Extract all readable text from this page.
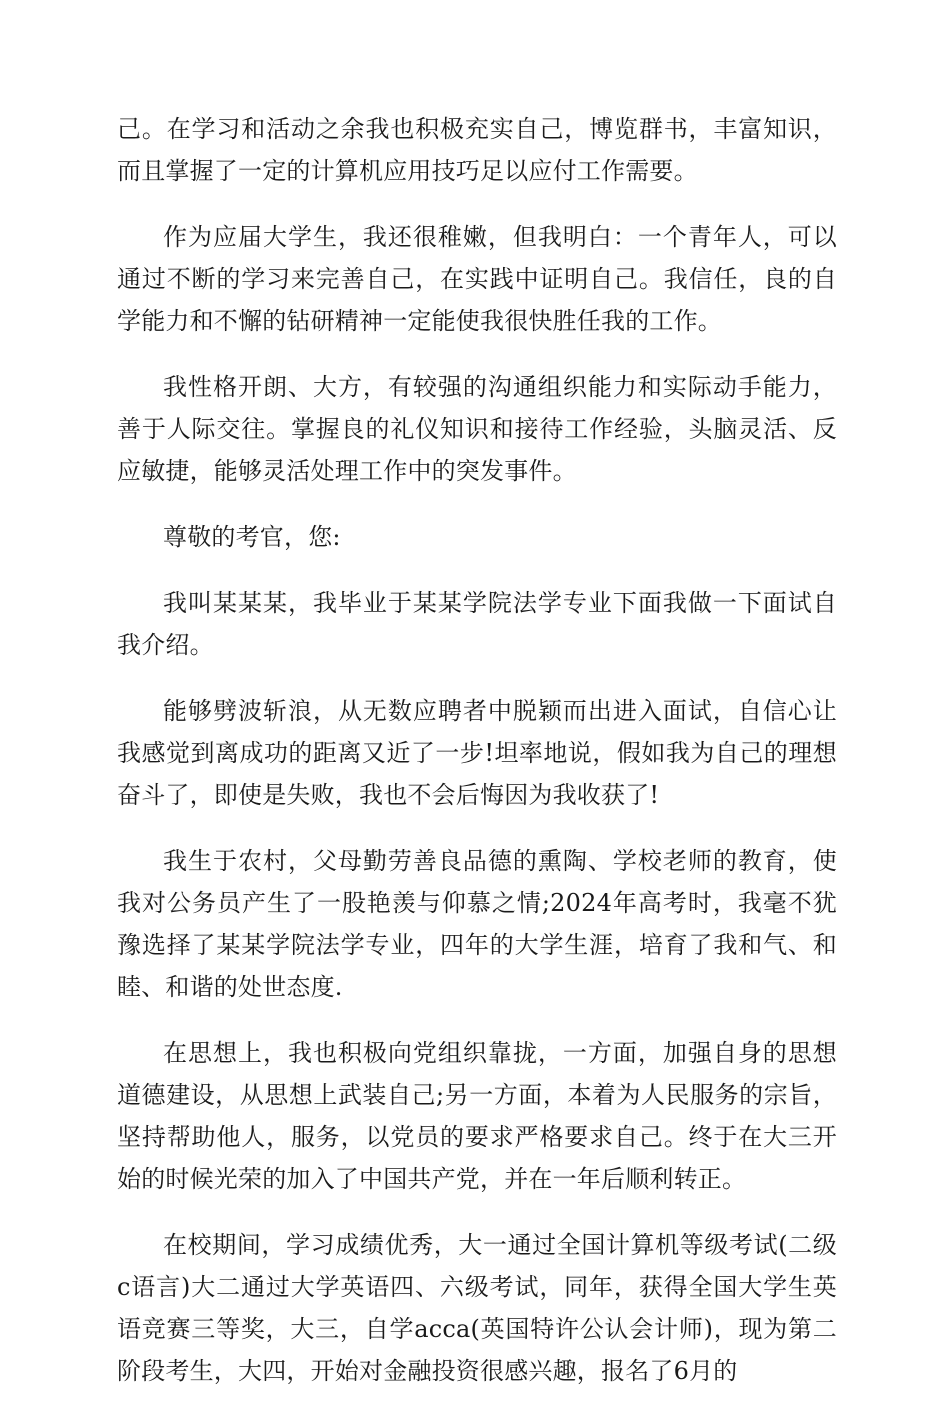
己。在学习和活动之余我也积极充实自己，博览群书，丰富知识，而且掌握了一定的计算机应用技巧足以应付工作需要。

作为应届大学生，我还很稚嫩，但我明白：一个青年人，可以通过不断的学习来完善自己，在实践中证明自己。我信任，良的自学能力和不懈的钻研精神一定能使我很快胜任我的工作。

我性格开朗、大方，有较强的沟通组织能力和实际动手能力，善于人际交往。掌握良的礼仪知识和接待工作经验，头脑灵活、反应敏捷，能够灵活处理工作中的突发事件。

尊敬的考官，您:

我叫某某某，我毕业于某某学院法学专业下面我做一下面试自我介绍。

能够劈波斩浪，从无数应聘者中脱颖而出进入面试，自信心让我感觉到离成功的距离又近了一步!坦率地说，假如我为自己的理想奋斗了，即使是失败，我也不会后悔因为我收获了!

我生于农村，父母勤劳善良品德的熏陶、学校老师的教育，使我对公务员产生了一股艳羡与仰慕之情;2024年高考时，我毫不犹豫选择了某某学院法学专业，四年的大学生涯，培育了我和气、和睦、和谐的处世态度.

在思想上，我也积极向党组织靠拢，一方面，加强自身的思想道德建设，从思想上武装自己;另一方面，本着为人民服务的宗旨，坚持帮助他人，服务，以党员的要求严格要求自己。终于在大三开始的时候光荣的加入了中国共产党，并在一年后顺利转正。

在校期间，学习成绩优秀，大一通过全国计算机等级考试(二级c语言)大二通过大学英语四、六级考试，同年，获得全国大学生英语竞赛三等奖，大三，自学acca(英国特许公认会计师)，现为第二阶段考生，大四，开始对金融投资很感兴趣，报名了6月的
